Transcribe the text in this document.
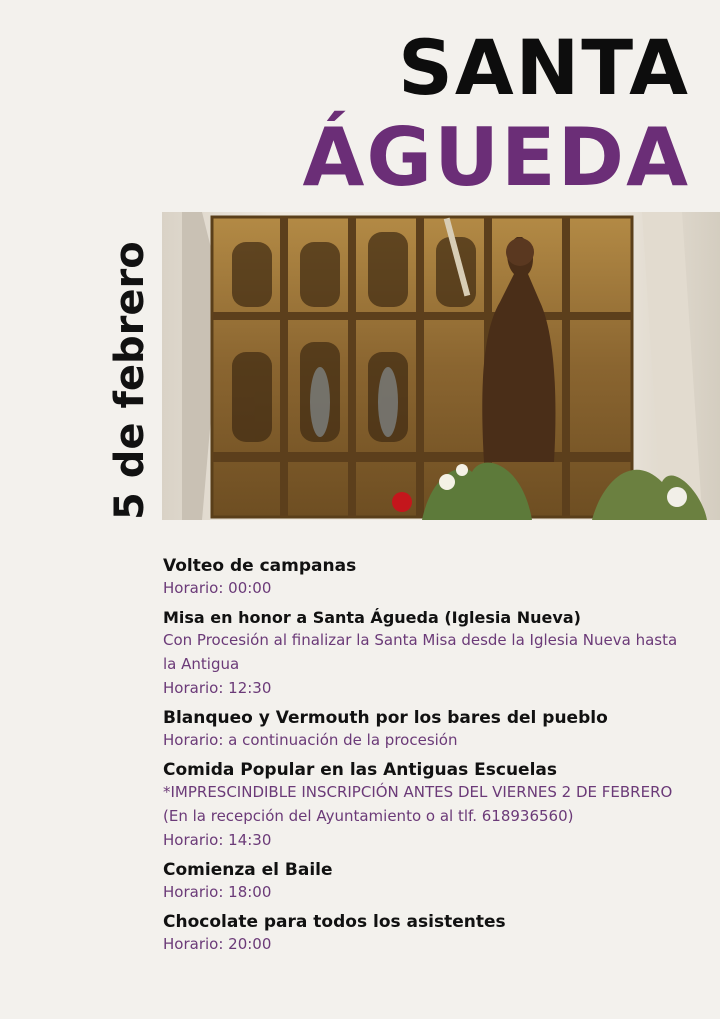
SANTA
ÁGUEDA
5 de febrero

Volteo de campanas

Horario: 00:00

Misa en honor a Santa Águeda (Iglesia Nueva)

Con Procesión al finalizar la Santa Misa desde la Iglesia Nueva hasta

la Antigua

Horario: 12:30

Blanqueo y Vermouth por los bares del pueblo

Horario: a continuación de la procesión

Comida Popular en las Antiguas Escuelas

*IMPRESCINDIBLE INSCRIPCIÓN ANTES DEL VIERNES 2 DE FEBRERO

(En la recepción del Ayuntamiento o al tlf. 618936560)

Horario: 14:30

Comienza el Baile

Horario: 18:00

Chocolate para todos los asistentes

Horario: 20:00
